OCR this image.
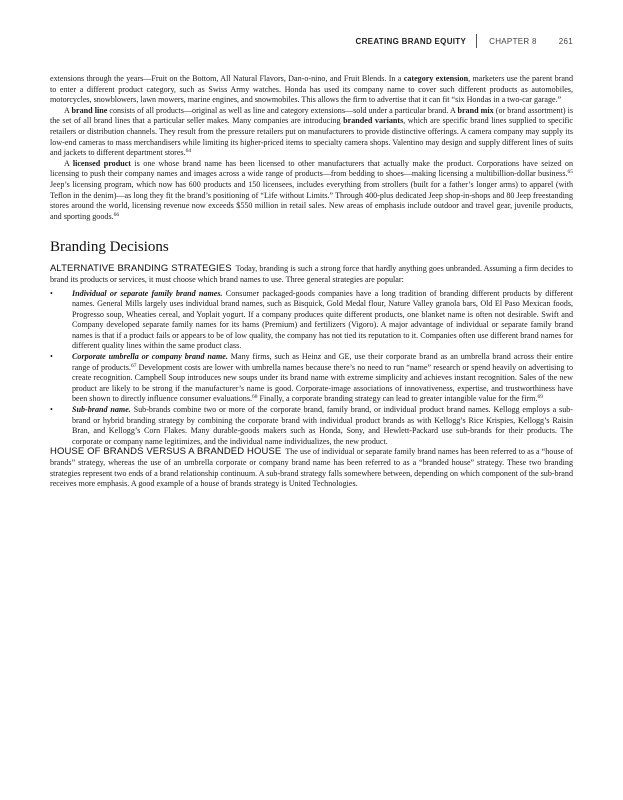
CREATING BRAND EQUITY	CHAPTER 8	261

extensions through the years—Fruit on the Bottom, All Natural Flavors, Dan-o-nino, and Fruit Blends. In a category extension, marketers use the parent brand to enter a different product category, such as Swiss Army watches. Honda has used its company name to cover such different products as automobiles, motorcycles, snowblowers, lawn mowers, marine engines, and snowmobiles. This allows the firm to advertise that it can fit “six Hondas in a two-car garage.”

A brand line consists of all products—original as well as line and category extensions—sold under a particular brand. A brand mix (or brand assortment) is the set of all brand lines that a particular seller makes. Many companies are introducing branded variants, which are specific brand lines supplied to specific retailers or distribution channels. They result from the pressure retailers put on manufacturers to provide distinctive offerings. A camera company may supply its low-end cameras to mass merchandisers while limiting its higher-priced items to specialty camera shops. Valentino may design and supply different lines of suits and jackets to different department stores.$^{64}$

A licensed product is one whose brand name has been licensed to other manufacturers that actually make the product. Corporations have seized on licensing to push their company names and images across a wide range of products—from bedding to shoes—making licensing a multibillion-dollar business.$^{65}$ Jeep’s licensing program, which now has 600 products and 150 licensees, includes everything from strollers (built for a father’s longer arms) to apparel (with Teflon in the denim)—as long they fit the brand’s positioning of “Life without Limits.” Through 400-plus dedicated Jeep shop-in-shops and 80 Jeep freestanding stores around the world, licensing revenue now exceeds $550 million in retail sales. New areas of emphasis include outdoor and travel gear, juvenile products, and sporting goods.$^{66}$

Branding Decisions

ALTERNATIVE BRANDING STRATEGIES Today, branding is such a strong force that hardly anything goes unbranded. Assuming a firm decides to brand its products or services, it must choose which brand names to use. Three general strategies are popular:

• Individual or separate family brand names. Consumer packaged-goods companies have a long tradition of branding different products by different names. General Mills largely uses individual brand names, such as Bisquick, Gold Medal flour, Nature Valley granola bars, Old El Paso Mexican foods, Progresso soup, Wheaties cereal, and Yoplait yogurt. If a company produces quite different products, one blanket name is often not desirable. Swift and Company developed separate family names for its hams (Premium) and fertilizers (Vigoro). A major advantage of individual or separate family brand names is that if a product fails or appears to be of low quality, the company has not tied its reputation to it. Companies often use different brand names for different quality lines within the same product class.
• Corporate umbrella or company brand name. Many firms, such as Heinz and GE, use their corporate brand as an umbrella brand across their entire range of products.$^{67}$ Development costs are lower with umbrella names because there’s no need to run “name” research or spend heavily on advertising to create recognition. Campbell Soup introduces new soups under its brand name with extreme simplicity and achieves instant recognition. Sales of the new product are likely to be strong if the manufacturer’s name is good. Corporate-image associations of innovativeness, expertise, and trustworthiness have been shown to directly influence consumer evaluations.$^{68}$ Finally, a corporate branding strategy can lead to greater intangible value for the firm.$^{69}$
• Sub-brand name. Sub-brands combine two or more of the corporate brand, family brand, or individual product brand names. Kellogg employs a sub-brand or hybrid branding strategy by combining the corporate brand with individual product brands as with Kellogg’s Rice Krispies, Kellogg’s Raisin Bran, and Kellogg’s Corn Flakes. Many durable-goods makers such as Honda, Sony, and Hewlett-Packard use sub-brands for their products. The corporate or company name legitimizes, and the individual name individualizes, the new product.

HOUSE OF BRANDS VERSUS A BRANDED HOUSE The use of individual or separate family brand names has been referred to as a “house of brands” strategy, whereas the use of an umbrella corporate or company brand name has been referred to as a “branded house” strategy. These two branding strategies represent two ends of a brand relationship continuum. A sub-brand strategy falls somewhere between, depending on which component of the sub-brand receives more emphasis. A good example of a house of brands strategy is United Technologies.
